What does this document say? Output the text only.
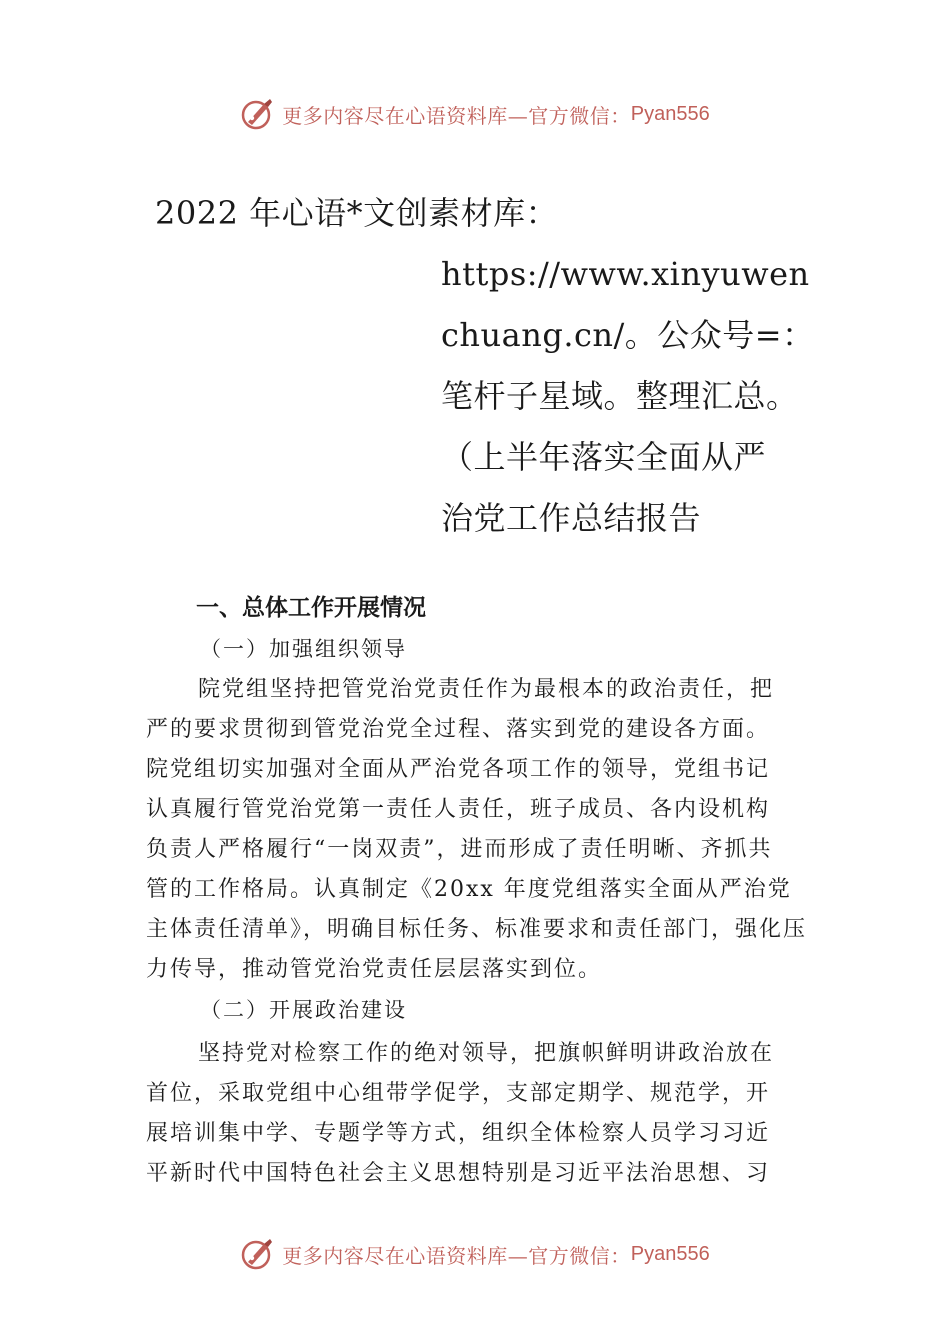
更多内容尽在心语资料库—官方微信： Pyan556
2022 年心语*文创素材库：
https://www.xinyuwen
chuang.cn/。公众号=：
笔杆子星域。整理汇总。
（上半年落实全面从严
治党工作总结报告
一、总体工作开展情况
（一）加强组织领导
院党组坚持把管党治党责任作为最根本的政治责任，把
严的要求贯彻到管党治党全过程、落实到党的建设各方面。
院党组切实加强对全面从严治党各项工作的领导，党组书记
认真履行管党治党第一责任人责任，班子成员、各内设机构
负责人严格履行“一岗双责”，进而形成了责任明晰、齐抓共
管的工作格局。认真制定《20xx 年度党组落实全面从严治党
主体责任清单》，明确目标任务、标准要求和责任部门，强化压
力传导，推动管党治党责任层层落实到位。
（二）开展政治建设
坚持党对检察工作的绝对领导，把旗帜鲜明讲政治放在
首位，采取党组中心组带学促学，支部定期学、规范学，开
展培训集中学、专题学等方式，组织全体检察人员学习习近
平新时代中国特色社会主义思想特别是习近平法治思想、习
更多内容尽在心语资料库—官方微信： Pyan556
